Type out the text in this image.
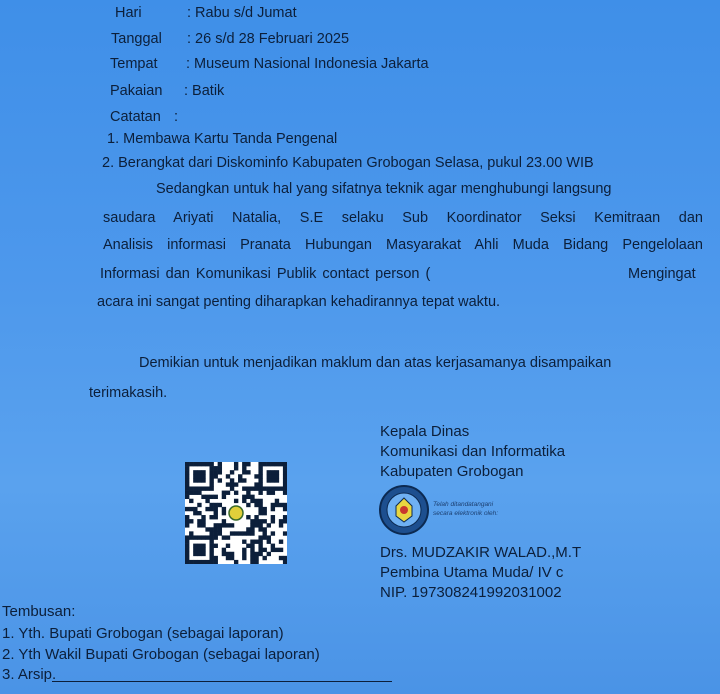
Hari	: Rabu s/d Jumat
Tanggal : 26 s/d 28 Februari 2025
Tempat : Museum Nasional Indonesia Jakarta
Pakaian : Batik
Catatan :
1. Membawa Kartu Tanda Pengenal
2. Berangkat dari Diskominfo Kabupaten Grobogan Selasa, pukul 23.00 WIB
Sedangkan untuk hal yang sifatnya teknik agar menghubungi langsung
saudara Ariyati Natalia, S.E selaku Sub Koordinator Seksi Kemitraan dan
Analisis informasi Pranata Hubungan Masyarakat Ahli Muda Bidang Pengelolaan
Informasi dan Komunikasi Publik contact person (	Mengingat
acara ini sangat penting diharapkan kehadirannya tepat waktu.
Demikian untuk menjadikan maklum dan atas kerjasamanya disampaikan
terimakasih.
Kepala Dinas
Komunikasi dan Informatika
Kabupaten Grobogan
Telah ditandatangani
secara elektronik oleh:
Drs. MUDZAKIR WALAD.,M.T
Pembina Utama Muda/ IV c
NIP. 197308241992031002
Tembusan:
1. Yth. Bupati Grobogan (sebagai laporan)
2. Yth Wakil Bupati Grobogan (sebagai laporan)
3. Arsip.
